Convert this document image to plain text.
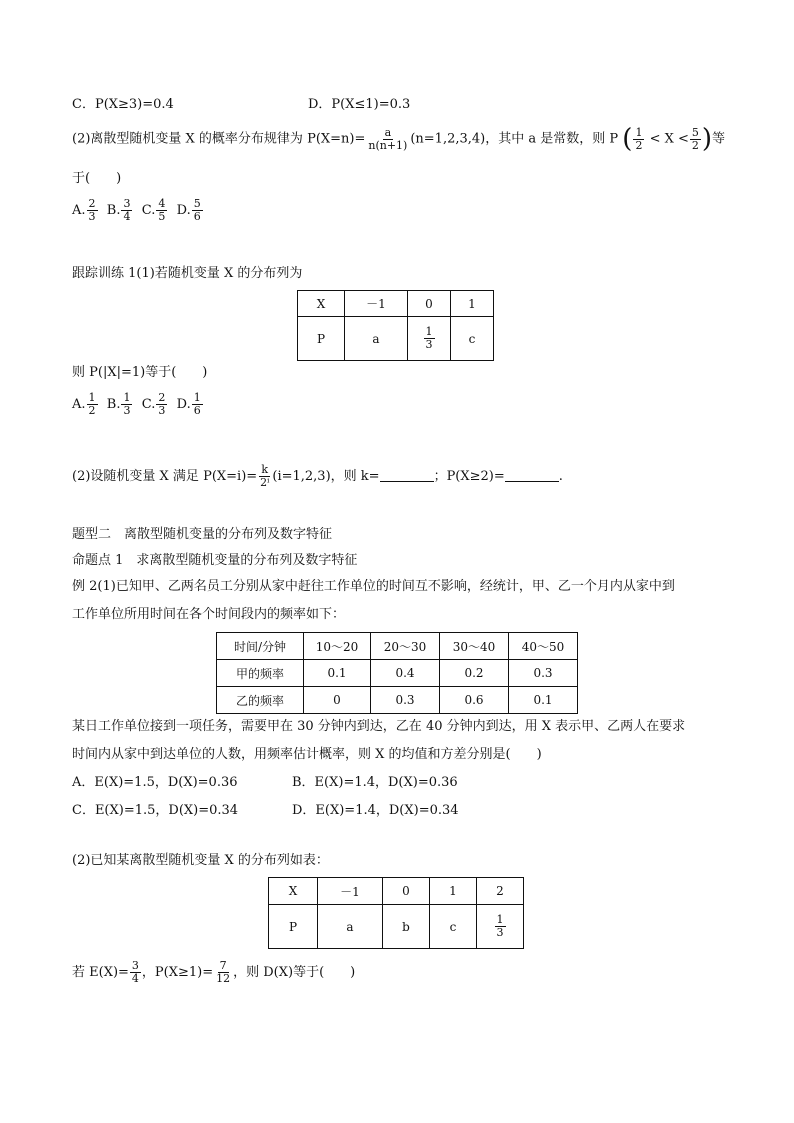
C．P(X≥3)=0.4	D．P(X≤1)=0.3
(2)离散型随机变量 X 的概率分布规律为 $P(X=n)= \frac{a}{n(n+1)} (n=1,2,3,4)$，其中 a 是常数，则 P ( $\frac{1}{2} < X < \frac{5}{2}$ )等
于(　　)
A. $\frac{2}{3} B$. $\frac{3}{4} C$. $\frac{4}{5} D$. $\frac{5}{6}$
跟踪训练 1(1)若随机变量 X 的分布列为
X	－1	0	1
P	a	$\frac{1}{3}$	c
则 P(|X|=1)等于(　　)
A. $\frac{1}{2} B$. $\frac{1}{3} C$. $\frac{2}{3} D$. $\frac{1}{6}$
(2)设随机变量 X 满足 $P(X=i)= \frac{k}{\text{2ⁱ}} (i=1,2,3)$，则 k=	；P(X≥2)=	.
题型二　离散型随机变量的分布列及数字特征
命题点 1　求离散型随机变量的分布列及数字特征
例 2(1)已知甲、乙两名员工分别从家中赶往工作单位的时间互不影响，经统计，甲、乙一个月内从家中到
工作单位所用时间在各个时间段内的频率如下：
时间/分钟	10～20	20～30	30～40	40～50
甲的频率	0.1	0.4	0.2	0.3
乙的频率	0	0.3	0.6	0.1
某日工作单位接到一项任务，需要甲在 30 分钟内到达，乙在 40 分钟内到达，用 X 表示甲、乙两人在要求
时间内从家中到达单位的人数，用频率估计概率，则 X 的均值和方差分别是(　　)
A．E(X)=1.5，D(X)=0.36	B．E(X)=1.4，D(X)=0.36
C．E(X)=1.5，D(X)=0.34	D．E(X)=1.4，D(X)=0.34
(2)已知某离散型随机变量 X 的分布列如表：
X	－1	0	1	2
P	a	b	c	$\frac{1}{3}$
若 $E(X)= \frac{3}{4}$ ，$P(X\ge 1)= \frac{7}{12}$ ，则 D(X)等于(　　)
